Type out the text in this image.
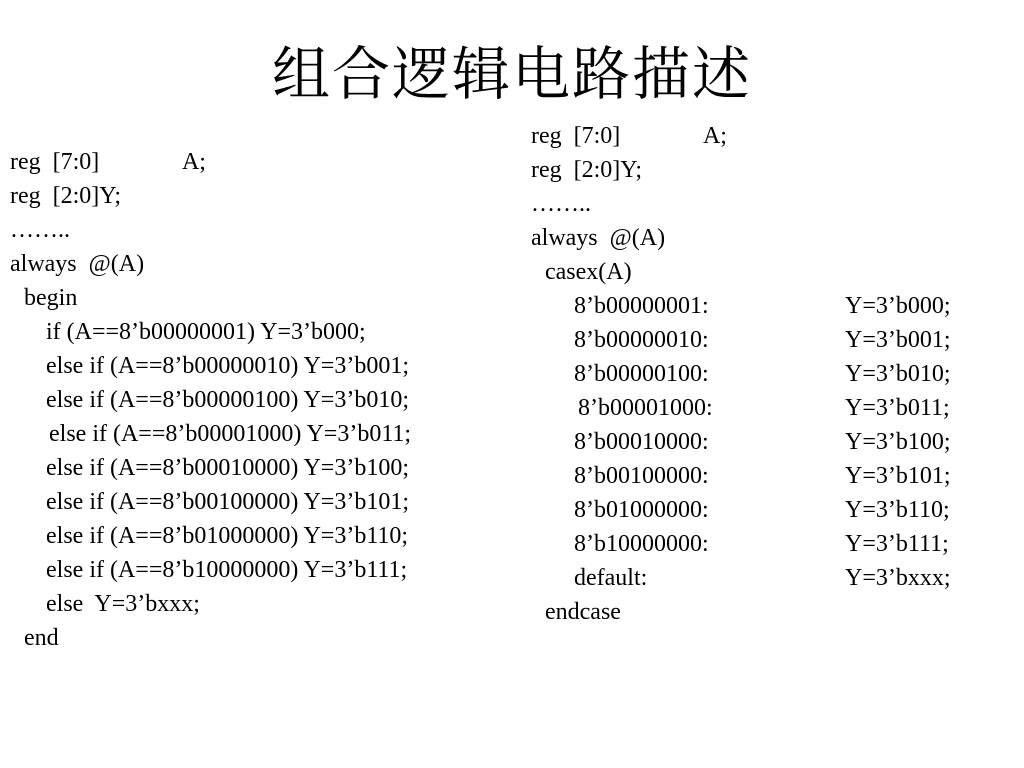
组合逻辑电路描述
reg  [7:0]              A;
reg  [2:0]Y;
……..
always  @(A)
begin
if (A==8’b00000001) Y=3’b000;
else if (A==8’b00000010) Y=3’b001;
else if (A==8’b00000100) Y=3’b010;
else if (A==8’b00001000) Y=3’b011;
else if (A==8’b00010000) Y=3’b100;
else if (A==8’b00100000) Y=3’b101;
else if (A==8’b01000000) Y=3’b110;
else if (A==8’b10000000) Y=3’b111;
else  Y=3’bxxx;
end
reg  [7:0]              A;
reg  [2:0]Y;
……..
always  @(A)
casex(A)
8’b00000001:	Y=3’b000;
8’b00000010:	Y=3’b001;
8’b00000100:	Y=3’b010;
8’b00001000:	Y=3’b011;
8’b00010000:	Y=3’b100;
8’b00100000:	Y=3’b101;
8’b01000000:	Y=3’b110;
8’b10000000:	Y=3’b111;
default:	Y=3’bxxx;
endcase
